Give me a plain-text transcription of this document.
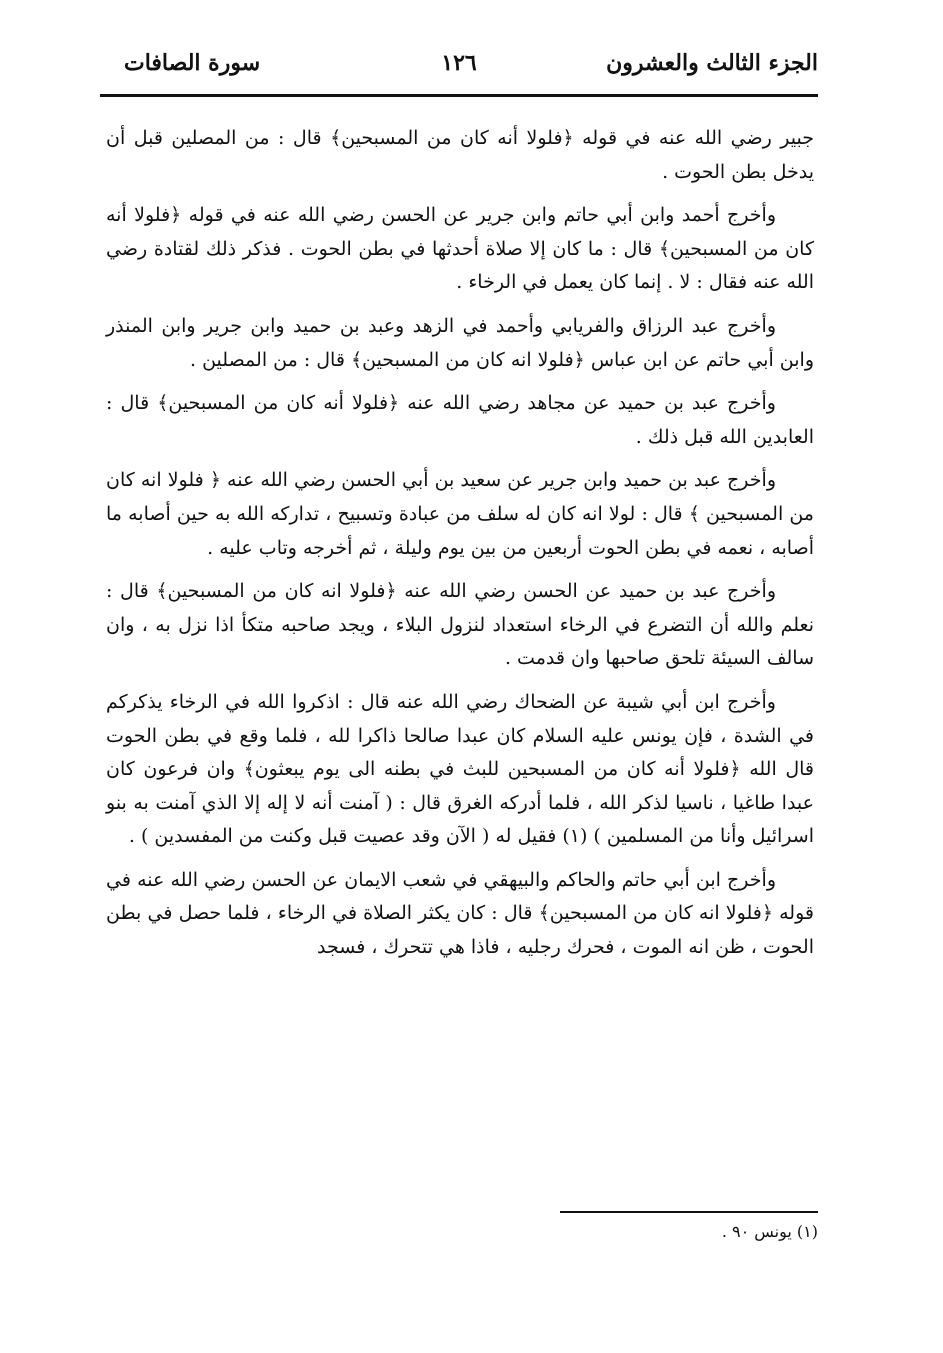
الجزء الثالث والعشرون
١٢٦
سورة الصافات

جبير رضي الله عنه في قوله ﴿فلولا أنه كان من المسبحين﴾ قال : من المصلين قبل أن يدخل بطن الحوت .

وأخرج أحمد وابن أبي حاتم وابن جرير عن الحسن رضي الله عنه في قوله ﴿فلولا أنه كان من المسبحين﴾ قال : ما كان إلا صلاة أحدثها في بطن الحوت . فذكر ذلك لقتادة رضي الله عنه فقال : لا . إنما كان يعمل في الرخاء .

وأخرج عبد الرزاق والفريابي وأحمد في الزهد وعبد بن حميد وابن جرير وابن المنذر وابن أبي حاتم عن ابن عباس ﴿فلولا انه كان من المسبحين﴾ قال : من المصلين .

وأخرج عبد بن حميد عن مجاهد رضي الله عنه ﴿فلولا أنه كان من المسبحين﴾ قال : العابدين الله قبل ذلك .

وأخرج عبد بن حميد وابن جرير عن سعيد بن أبي الحسن رضي الله عنه ﴿ فلولا انه كان من المسبحين ﴾ قال : لولا انه كان له سلف من عبادة وتسبيح ، تداركه الله به حين أصابه ما أصابه ، نعمه في بطن الحوت أربعين من بين يوم وليلة ، ثم أخرجه وتاب عليه .

وأخرج عبد بن حميد عن الحسن رضي الله عنه ﴿فلولا انه كان من المسبحين﴾ قال : نعلم والله أن التضرع في الرخاء استعداد لنزول البلاء ، ويجد صاحبه متكأ اذا نزل به ، وان سالف السيئة تلحق صاحبها وان قدمت .

وأخرج ابن أبي شيبة عن الضحاك رضي الله عنه قال : اذكروا الله في الرخاء يذكركم في الشدة ، فإن يونس عليه السلام كان عبدا صالحا ذاكرا لله ، فلما وقع في بطن الحوت قال الله ﴿فلولا أنه كان من المسبحين للبث في بطنه الى يوم يبعثون﴾ وان فرعون كان عبدا طاغيا ، ناسيا لذكر الله ، فلما أدركه الغرق قال : ( آمنت أنه لا إله إلا الذي آمنت به بنو اسرائيل وأنا من المسلمين ) (١) فقيل له ( الآن وقد عصيت قبل وكنت من المفسدين ) .

وأخرج ابن أبي حاتم والحاكم والبيهقي في شعب الايمان عن الحسن رضي الله عنه في قوله ﴿فلولا انه كان من المسبحين﴾ قال : كان يكثر الصلاة في الرخاء ، فلما حصل في بطن الحوت ، ظن انه الموت ، فحرك رجليه ، فاذا هي تتحرك ، فسجد

(١) يونس ٩٠ .
